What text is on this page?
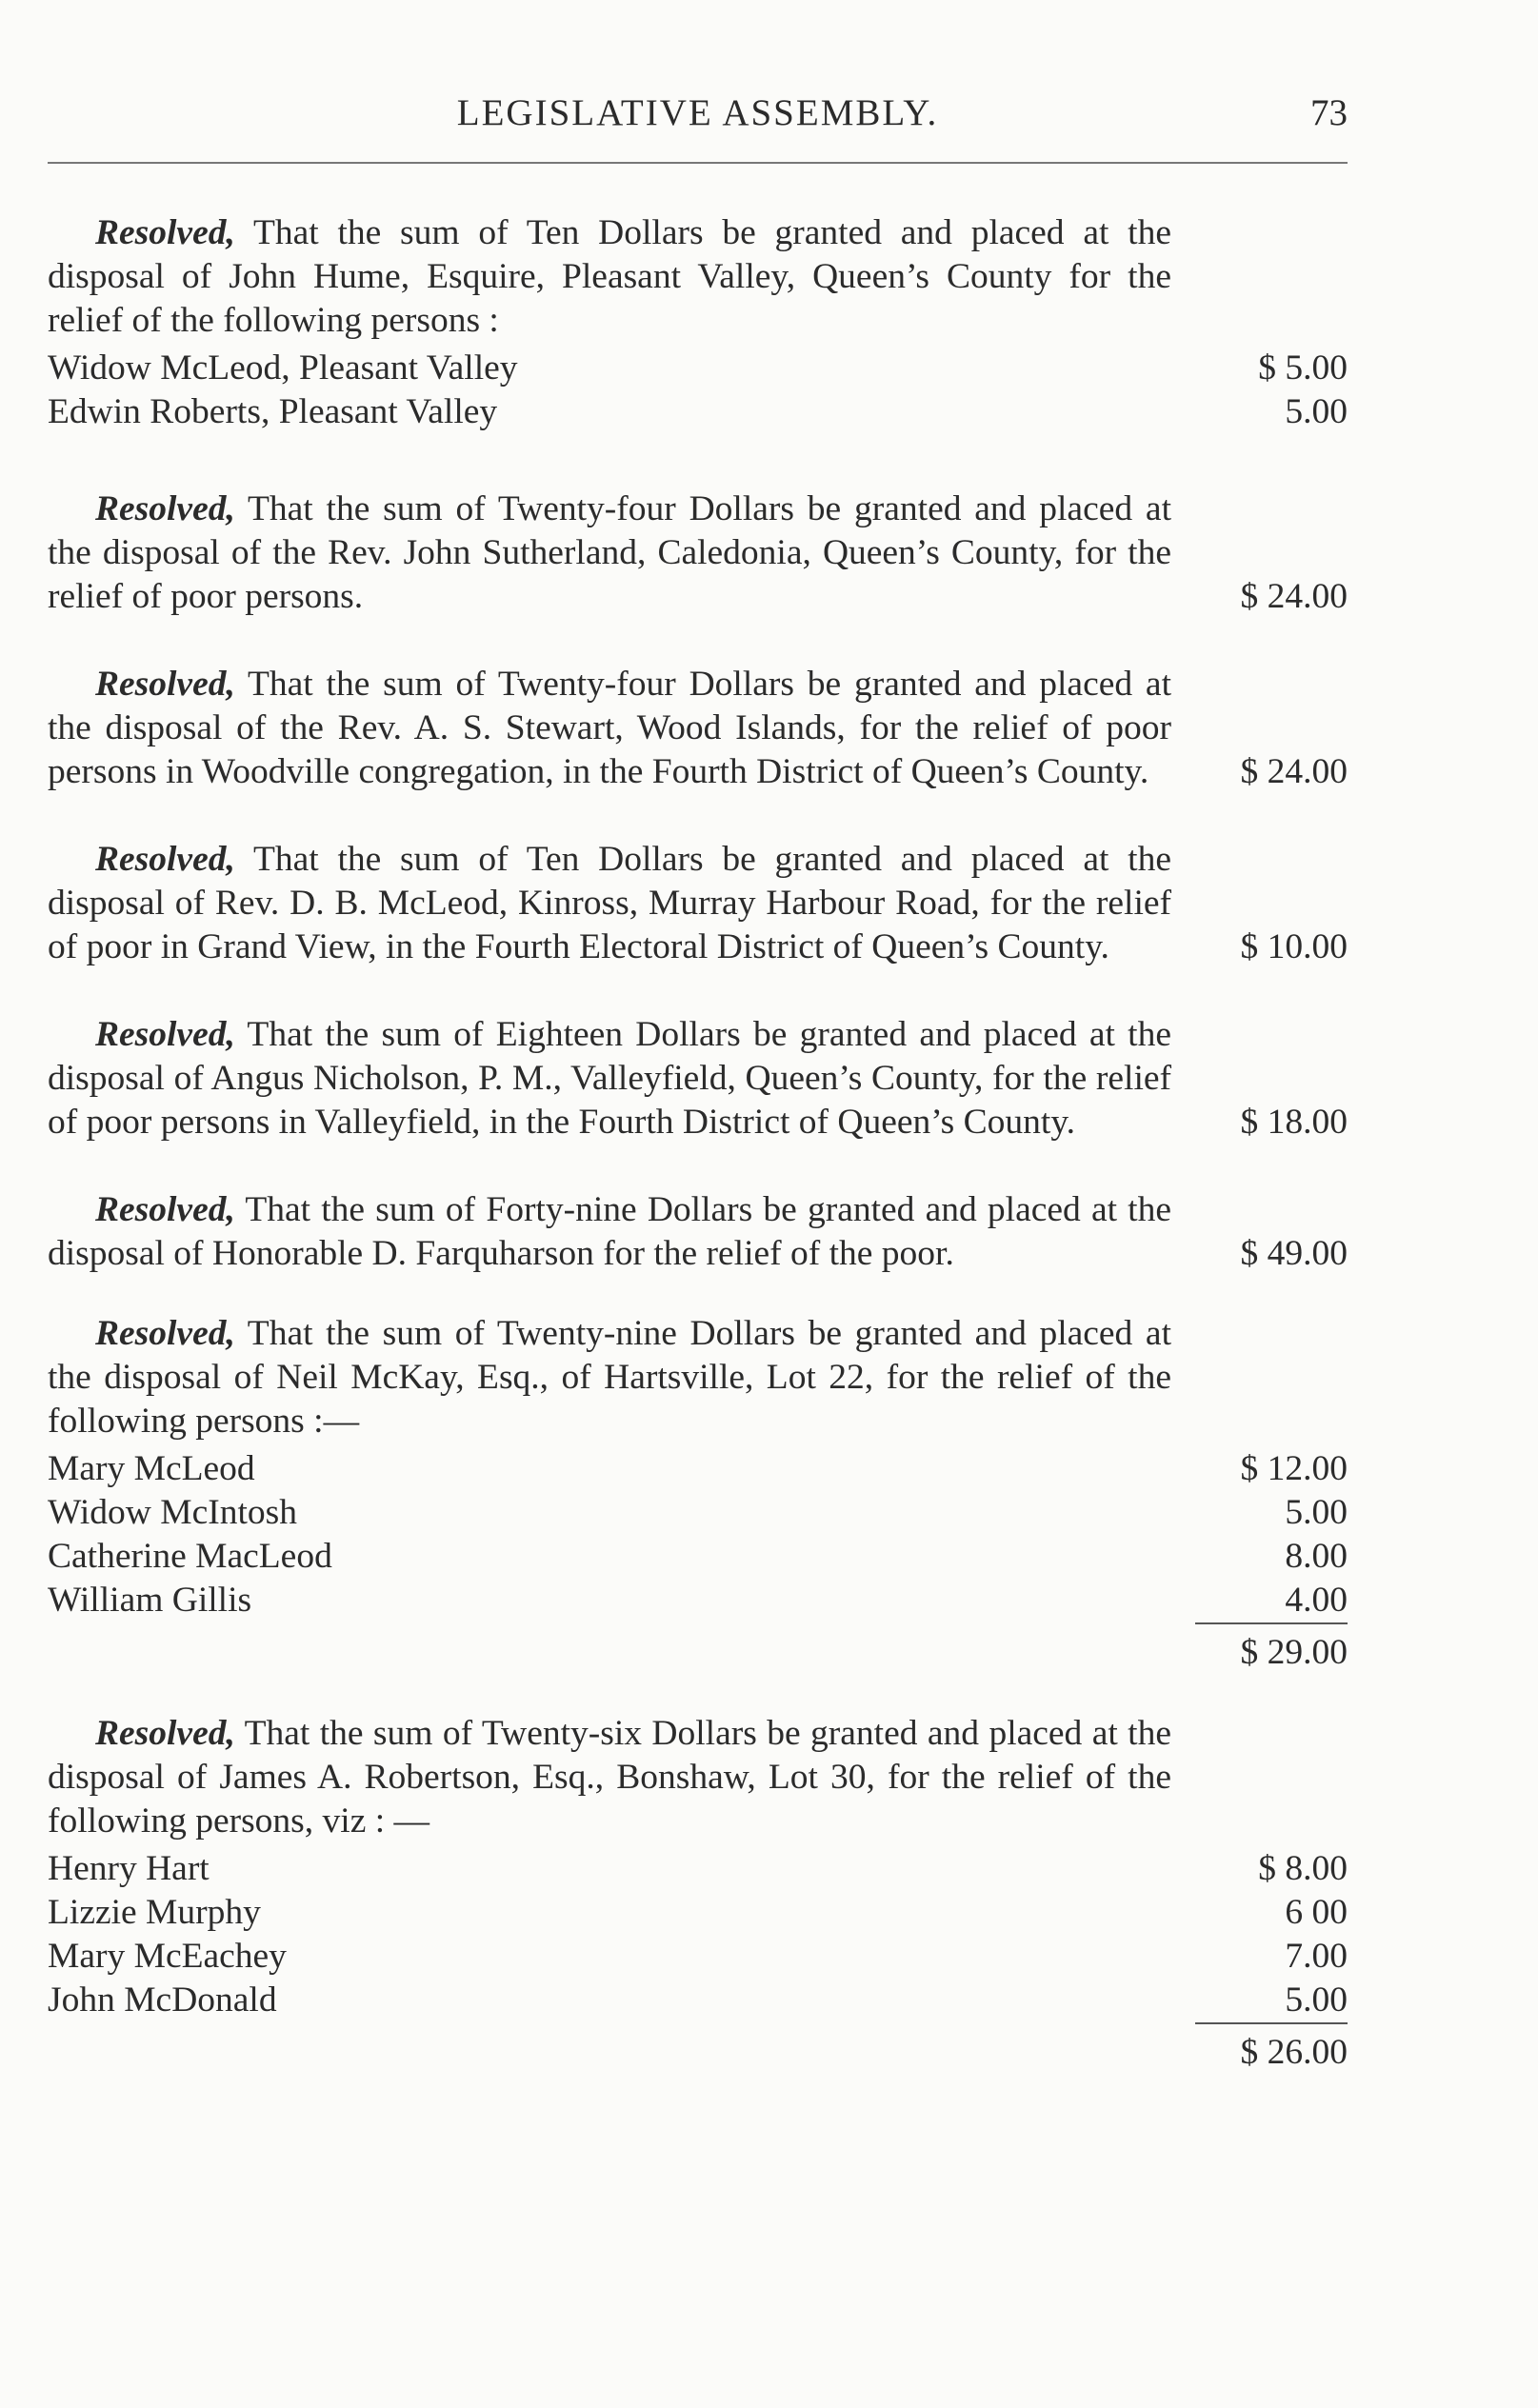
LEGISLATIVE ASSEMBLY.	73

Resolved, That the sum of Ten Dollars be granted and placed at the disposal of John Hume, Esquire, Pleasant Valley, Queen’s County for the relief of the following persons :

Widow McLeod, Pleasant Valley	$ 5.00
Edwin Roberts, Pleasant Valley	5.00

Resolved, That the sum of Twenty-four Dollars be granted and placed at the disposal of the Rev. John Sutherland, Caledonia, Queen’s County, for the relief of poor persons.	$ 24.00

Resolved, That the sum of Twenty-four Dollars be granted and placed at the disposal of the Rev. A. S. Stewart, Wood Islands, for the relief of poor persons in Woodville congregation, in the Fourth District of Queen’s County.	$ 24.00

Resolved, That the sum of Ten Dollars be granted and placed at the disposal of Rev. D. B. McLeod, Kinross, Murray Harbour Road, for the relief of poor in Grand View, in the Fourth Electoral District of Queen’s County.	$ 10.00

Resolved, That the sum of Eighteen Dollars be granted and placed at the disposal of Angus Nicholson, P. M., Valleyfield, Queen’s County, for the relief of poor persons in Valleyfield, in the Fourth District of Queen’s County.	$ 18.00

Resolved, That the sum of Forty-nine Dollars be granted and placed at the disposal of Honorable D. Farquharson for the relief of the poor.	$ 49.00

Resolved, That the sum of Twenty-nine Dollars be granted and placed at the disposal of Neil McKay, Esq., of Hartsville, Lot 22, for the relief of the following persons :—

Mary McLeod	$ 12.00
Widow McIntosh	5.00
Catherine MacLeod	8.00
William Gillis	4.00
$ 29.00

Resolved, That the sum of Twenty-six Dollars be granted and placed at the disposal of James A. Robertson, Esq., Bonshaw, Lot 30, for the relief of the following persons, viz : —

Henry Hart	$ 8.00
Lizzie Murphy	6 00
Mary McEachey	7.00
John McDonald	5.00
$ 26.00
